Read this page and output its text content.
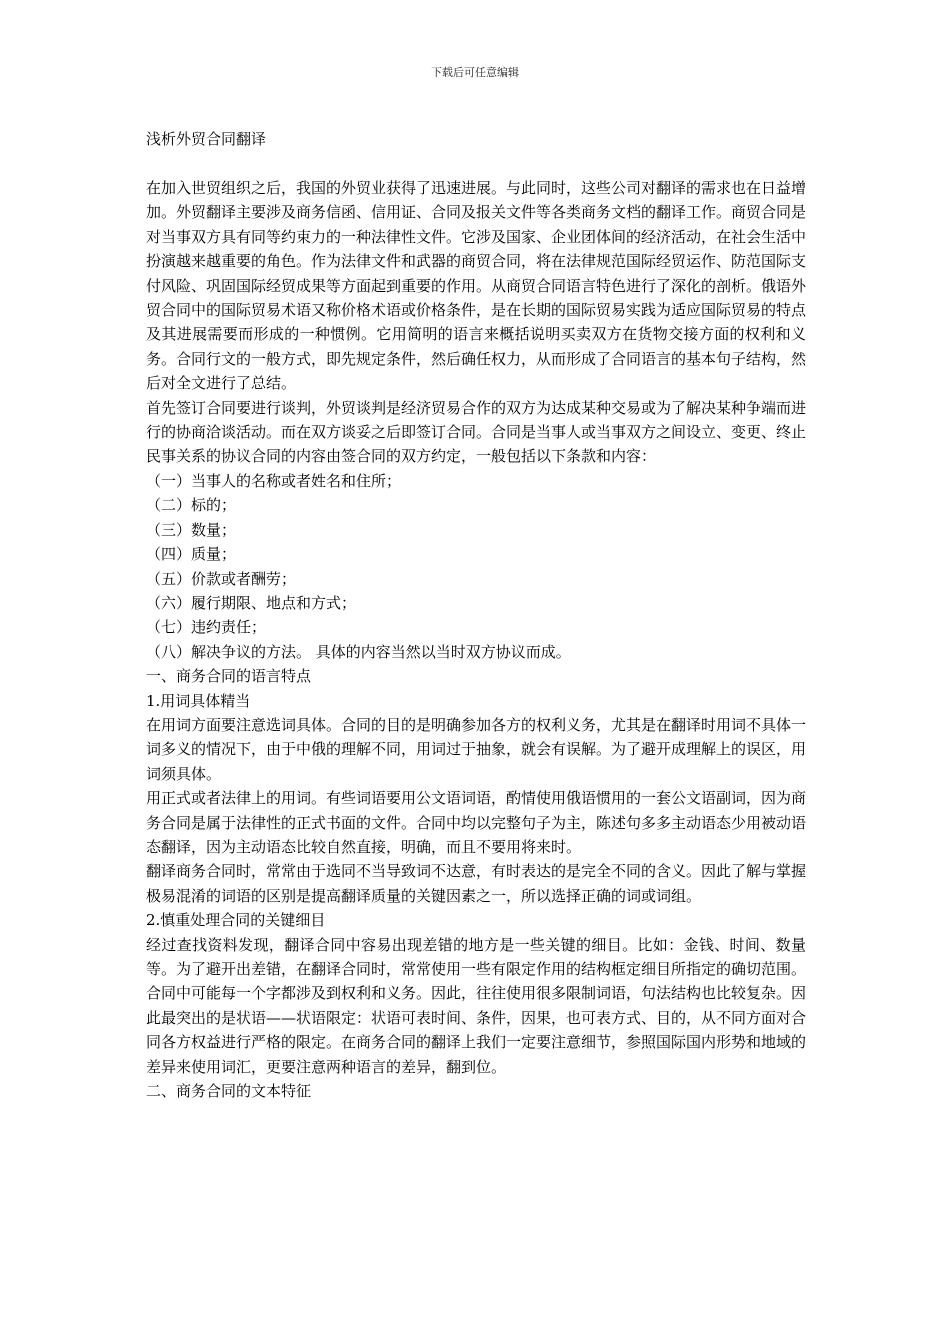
下载后可任意编辑
浅析外贸合同翻译

在加入世贸组织之后，我国的外贸业获得了迅速进展。与此同时，这些公司对翻译的需求也在日益增加。外贸翻译主要涉及商务信函、信用证、合同及报关文件等各类商务文档的翻译工作。商贸合同是对当事双方具有同等约束力的一种法律性文件。它涉及国家、企业团体间的经济活动，在社会生活中扮演越来越重要的角色。作为法律文件和武器的商贸合同，将在法律规范国际经贸运作、防范国际支付风险、巩固国际经贸成果等方面起到重要的作用。从商贸合同语言特色进行了深化的剖析。俄语外贸合同中的国际贸易术语又称价格术语或价格条件，是在长期的国际贸易实践为适应国际贸易的特点及其进展需要而形成的一种惯例。它用简明的语言来概括说明买卖双方在货物交接方面的权利和义务。合同行文的一般方式，即先规定条件，然后确任权力，从而形成了合同语言的基本句子结构，然后对全文进行了总结。

首先签订合同要进行谈判，外贸谈判是经济贸易合作的双方为达成某种交易或为了解决某种争端而进行的协商洽谈活动。而在双方谈妥之后即签订合同。合同是当事人或当事双方之间设立、变更、终止民事关系的协议合同的内容由签合同的双方约定，一般包括以下条款和内容：

（一）当事人的名称或者姓名和住所；

（二）标的；

（三）数量；

（四）质量；

（五）价款或者酬劳；

（六）履行期限、地点和方式；

（七）违约责任；

（八）解决争议的方法。 具体的内容当然以当时双方协议而成。

一、商务合同的语言特点

1.用词具体精当

在用词方面要注意选词具体。合同的目的是明确参加各方的权利义务，尤其是在翻译时用词不具体一词多义的情况下，由于中俄的理解不同，用词过于抽象，就会有误解。为了避开成理解上的误区，用词须具体。

用正式或者法律上的用词。有些词语要用公文语词语，酌情使用俄语惯用的一套公文语副词，因为商务合同是属于法律性的正式书面的文件。合同中均以完整句子为主，陈述句多多主动语态少用被动语态翻译，因为主动语态比较自然直接，明确，而且不要用将来时。

翻译商务合同时，常常由于选同不当导致词不达意，有时表达的是完全不同的含义。因此了解与掌握极易混淆的词语的区别是提高翻译质量的关键因素之一，所以选择正确的词或词组。

2.慎重处理合同的关键细目

经过查找资料发现，翻译合同中容易出现差错的地方是一些关键的细目。比如：金钱、时间、数量等。为了避开出差错，在翻译合同时，常常使用一些有限定作用的结构框定细目所指定的确切范围。合同中可能每一个字都涉及到权利和义务。因此，往往使用很多限制词语，句法结构也比较复杂。因此最突出的是状语——状语限定：状语可表时间、条件，因果，也可表方式、目的，从不同方面对合同各方权益进行严格的限定。在商务合同的翻译上我们一定要注意细节，参照国际国内形势和地域的差异来使用词汇，更要注意两种语言的差异，翻到位。

二、商务合同的文本特征
